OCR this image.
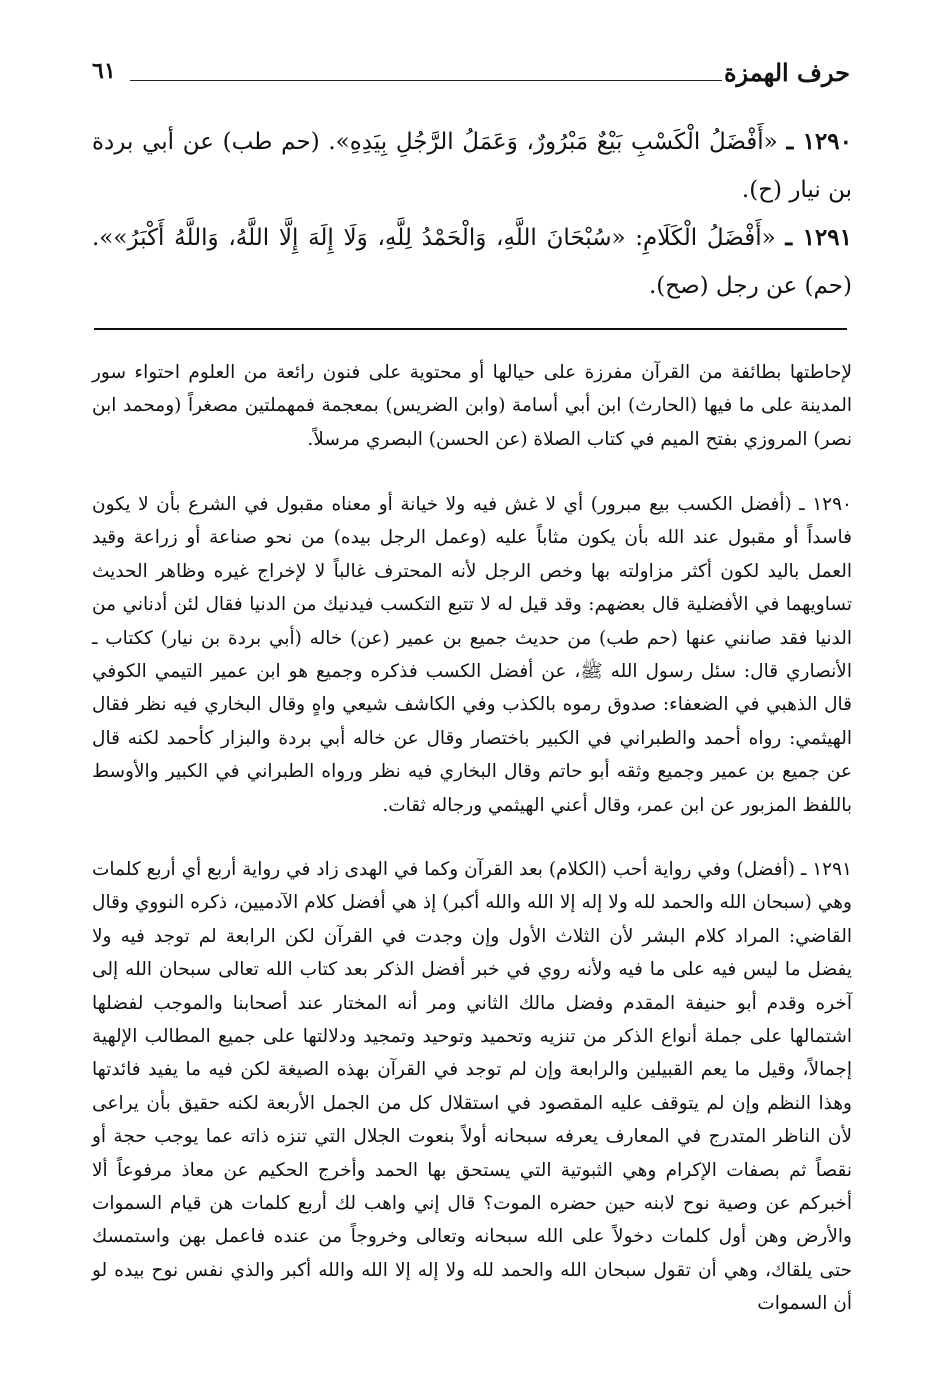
حرف الهمزة
٦١
١٢٩٠ ـ «أَفْضَلُ الْكَسْبِ بَيْعٌ مَبْرُورٌ، وَعَمَلُ الرَّجُلِ بِيَدِهِ». (حم طب) عن أبي بردة بن نيار (ح).
١٢٩١ ـ «أَفْضَلُ الْكَلَامِ: «سُبْحَانَ اللَّهِ، وَالْحَمْدُ لِلَّهِ، وَلَا إِلَهَ إِلَّا اللَّهُ، وَاللَّهُ أَكْبَرُ»». (حم) عن رجل (صح).
لإحاطتها بطائفة من القرآن مفرزة على حيالها أو محتوية على فنون رائعة من العلوم احتواء سور المدينة على ما فيها (الحارث) ابن أبي أسامة (وابن الضريس) بمعجمة فمهملتين مصغراً (ومحمد ابن نصر) المروزي بفتح الميم في كتاب الصلاة (عن الحسن) البصري مرسلاً.
١٢٩٠ ـ (أفضل الكسب بيع مبرور) أي لا غش فيه ولا خيانة أو معناه مقبول في الشرع بأن لا يكون فاسداً أو مقبول عند الله بأن يكون مثاباً عليه (وعمل الرجل بيده) من نحو صناعة أو زراعة وقيد العمل باليد لكون أكثر مزاولته بها وخص الرجل لأنه المحترف غالباً لا لإخراج غيره وظاهر الحديث تساويهما في الأفضلية قال بعضهم: وقد قيل له لا تتبع التكسب فيدنيك من الدنيا فقال لئن أدناني من الدنيا فقد صانني عنها (حم طب) من حديث جميع بن عمير (عن) خاله (أبي بردة بن نيار) ككتاب ـ الأنصاري قال: سئل رسول الله ﷺ، عن أفضل الكسب فذكره وجميع هو ابن عمير التيمي الكوفي قال الذهبي في الضعفاء: صدوق رموه بالكذب وفي الكاشف شيعي واهٍ وقال البخاري فيه نظر فقال الهيثمي: رواه أحمد والطبراني في الكبير باختصار وقال عن خاله أبي بردة والبزار كأحمد لكنه قال عن جميع بن عمير وجميع وثقه أبو حاتم وقال البخاري فيه نظر ورواه الطبراني في الكبير والأوسط باللفظ المزبور عن ابن عمر، وقال أعني الهيثمي ورجاله ثقات.
١٢٩١ ـ (أفضل) وفي رواية أحب (الكلام) بعد القرآن وكما في الهدى زاد في رواية أربع أي أربع كلمات وهي (سبحان الله والحمد لله ولا إله إلا الله والله أكبر) إذ هي أفضل كلام الآدميين، ذكره النووي وقال القاضي: المراد كلام البشر لأن الثلاث الأول وإن وجدت في القرآن لكن الرابعة لم توجد فيه ولا يفضل ما ليس فيه على ما فيه ولأنه روي في خبر أفضل الذكر بعد كتاب الله تعالى سبحان الله إلى آخره وقدم أبو حنيفة المقدم وفضل مالك الثاني ومر أنه المختار عند أصحابنا والموجب لفضلها اشتمالها على جملة أنواع الذكر من تنزيه وتحميد وتوحيد وتمجيد ودلالتها على جميع المطالب الإلهية إجمالاً، وقيل ما يعم القبيلين والرابعة وإن لم توجد في القرآن بهذه الصيغة لكن فيه ما يفيد فائدتها وهذا النظم وإن لم يتوقف عليه المقصود في استقلال كل من الجمل الأربعة لكنه حقيق بأن يراعى لأن الناظر المتدرج في المعارف يعرفه سبحانه أولاً بنعوت الجلال التي تنزه ذاته عما يوجب حجة أو نقصاً ثم بصفات الإكرام وهي الثبوتية التي يستحق بها الحمد وأخرج الحكيم عن معاذ مرفوعاً ألا أخبركم عن وصية نوح لابنه حين حضره الموت؟ قال إني واهب لك أربع كلمات هن قيام السموات والأرض وهن أول كلمات دخولاً على الله سبحانه وتعالى وخروجاً من عنده فاعمل بهن واستمسك حتى يلقاك، وهي أن تقول سبحان الله والحمد لله ولا إله إلا الله والله أكبر والذي نفس نوح بيده لو أن السموات
